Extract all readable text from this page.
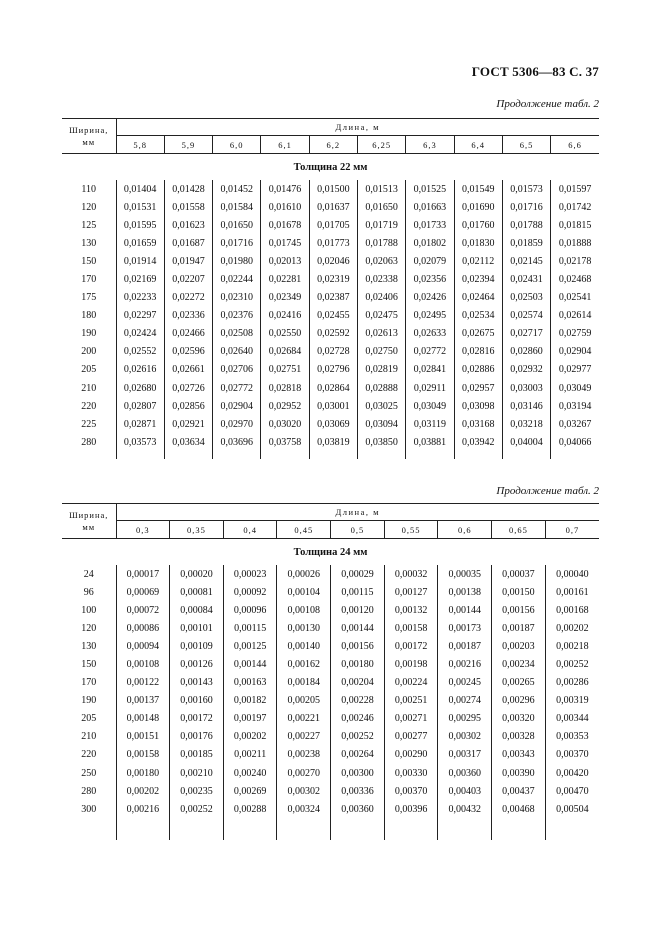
ГОСТ 5306—83 С. 37
Продолжение табл. 2
Ширина, мм	Длина, м									
	5,8	5,9	6,0	6,1	6,2	6,25	6,3	6,4	6,5	6,6
Толщина 22 мм										
110	0,01404	0,01428	0,01452	0,01476	0,01500	0,01513	0,01525	0,01549	0,01573	0,01597
120	0,01531	0,01558	0,01584	0,01610	0,01637	0,01650	0,01663	0,01690	0,01716	0,01742
125	0,01595	0,01623	0,01650	0,01678	0,01705	0,01719	0,01733	0,01760	0,01788	0,01815
130	0,01659	0,01687	0,01716	0,01745	0,01773	0,01788	0,01802	0,01830	0,01859	0,01888
150	0,01914	0,01947	0,01980	0,02013	0,02046	0,02063	0,02079	0,02112	0,02145	0,02178
170	0,02169	0,02207	0,02244	0,02281	0,02319	0,02338	0,02356	0,02394	0,02431	0,02468
175	0,02233	0,02272	0,02310	0,02349	0,02387	0,02406	0,02426	0,02464	0,02503	0,02541
180	0,02297	0,02336	0,02376	0,02416	0,02455	0,02475	0,02495	0,02534	0,02574	0,02614
190	0,02424	0,02466	0,02508	0,02550	0,02592	0,02613	0,02633	0,02675	0,02717	0,02759
200	0,02552	0,02596	0,02640	0,02684	0,02728	0,02750	0,02772	0,02816	0,02860	0,02904
205	0,02616	0,02661	0,02706	0,02751	0,02796	0,02819	0,02841	0,02886	0,02932	0,02977
210	0,02680	0,02726	0,02772	0,02818	0,02864	0,02888	0,02911	0,02957	0,03003	0,03049
220	0,02807	0,02856	0,02904	0,02952	0,03001	0,03025	0,03049	0,03098	0,03146	0,03194
225	0,02871	0,02921	0,02970	0,03020	0,03069	0,03094	0,03119	0,03168	0,03218	0,03267
280	0,03573	0,03634	0,03696	0,03758	0,03819	0,03850	0,03881	0,03942	0,04004	0,04066

Продолжение табл. 2
Ширина, мм	Длина, м								
	0,3	0,35	0,4	0,45	0,5	0,55	0,6	0,65	0,7
Толщина 24 мм									
24	0,00017	0,00020	0,00023	0,00026	0,00029	0,00032	0,00035	0,00037	0,00040
96	0,00069	0,00081	0,00092	0,00104	0,00115	0,00127	0,00138	0,00150	0,00161
100	0,00072	0,00084	0,00096	0,00108	0,00120	0,00132	0,00144	0,00156	0,00168
120	0,00086	0,00101	0,00115	0,00130	0,00144	0,00158	0,00173	0,00187	0,00202
130	0,00094	0,00109	0,00125	0,00140	0,00156	0,00172	0,00187	0,00203	0,00218
150	0,00108	0,00126	0,00144	0,00162	0,00180	0,00198	0,00216	0,00234	0,00252
170	0,00122	0,00143	0,00163	0,00184	0,00204	0,00224	0,00245	0,00265	0,00286
190	0,00137	0,00160	0,00182	0,00205	0,00228	0,00251	0,00274	0,00296	0,00319
205	0,00148	0,00172	0,00197	0,00221	0,00246	0,00271	0,00295	0,00320	0,00344
210	0,00151	0,00176	0,00202	0,00227	0,00252	0,00277	0,00302	0,00328	0,00353
220	0,00158	0,00185	0,00211	0,00238	0,00264	0,00290	0,00317	0,00343	0,00370
250	0,00180	0,00210	0,00240	0,00270	0,00300	0,00330	0,00360	0,00390	0,00420
280	0,00202	0,00235	0,00269	0,00302	0,00336	0,00370	0,00403	0,00437	0,00470
300	0,00216	0,00252	0,00288	0,00324	0,00360	0,00396	0,00432	0,00468	0,00504
